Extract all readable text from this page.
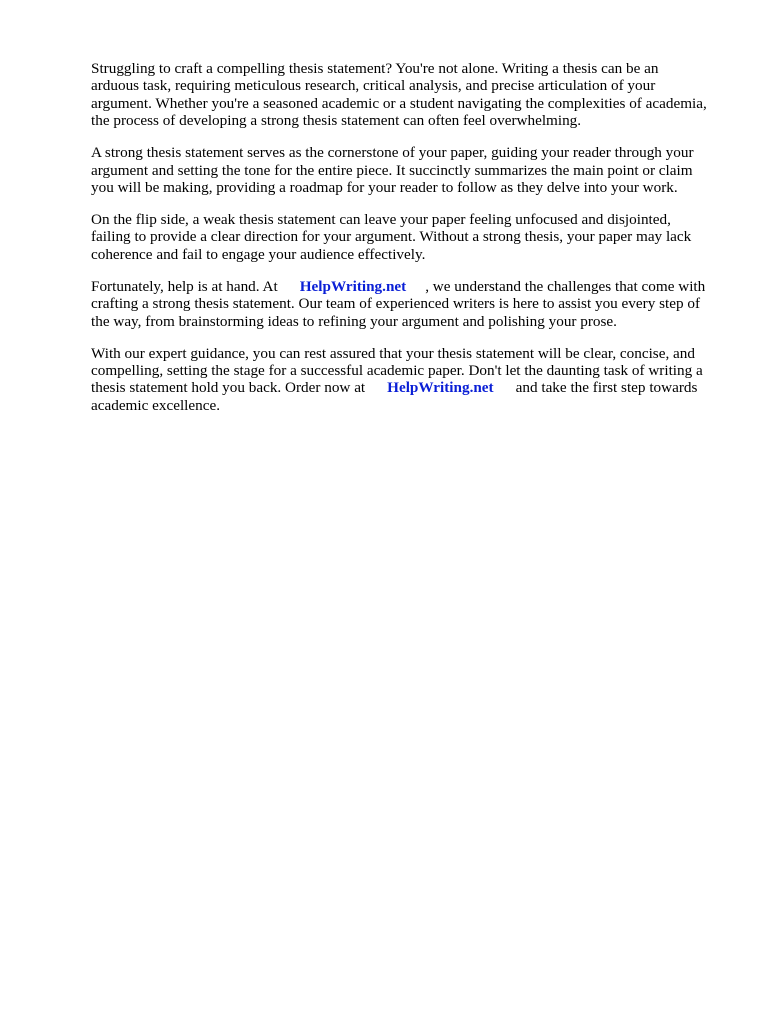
Struggling to craft a compelling thesis statement? You're not alone. Writing a thesis can be an
arduous task, requiring meticulous research, critical analysis, and precise articulation of your
argument. Whether you're a seasoned academic or a student navigating the complexities of academia,
the process of developing a strong thesis statement can often feel overwhelming.

A strong thesis statement serves as the cornerstone of your paper, guiding your reader through your
argument and setting the tone for the entire piece. It succinctly summarizes the main point or claim
you will be making, providing a roadmap for your reader to follow as they delve into your work.

On the flip side, a weak thesis statement can leave your paper feeling unfocused and disjointed,
failing to provide a clear direction for your argument. Without a strong thesis, your paper may lack
coherence and fail to engage your audience effectively.

Fortunately, help is at hand. At HelpWriting.net , we understand the challenges that come with
crafting a strong thesis statement. Our team of experienced writers is here to assist you every step of
the way, from brainstorming ideas to refining your argument and polishing your prose.

With our expert guidance, you can rest assured that your thesis statement will be clear, concise, and
compelling, setting the stage for a successful academic paper. Don't let the daunting task of writing a
thesis statement hold you back. Order now at HelpWriting.net and take the first step towards
academic excellence.
